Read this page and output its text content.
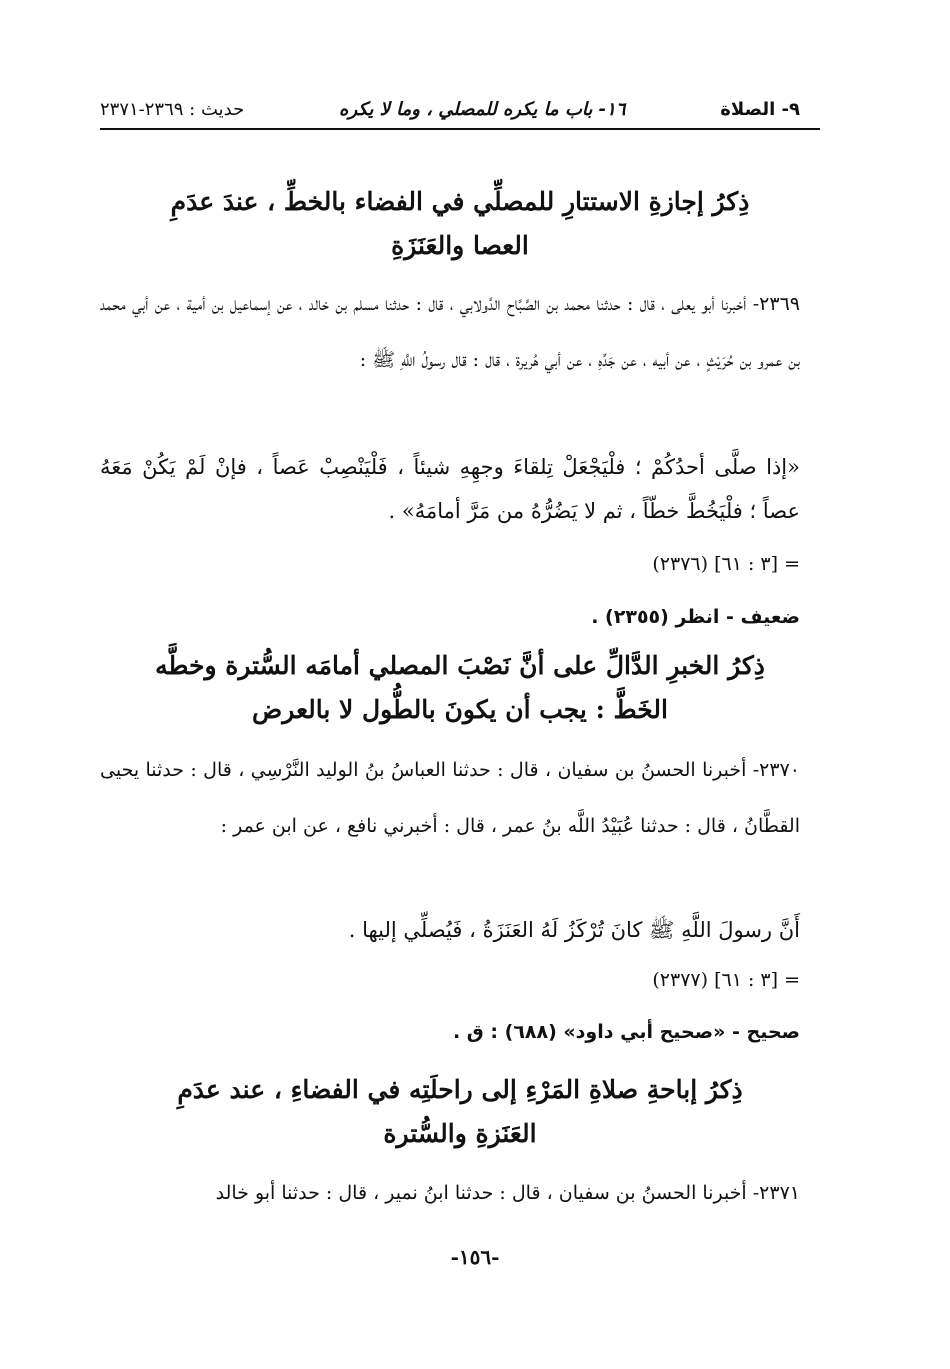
٩- الصلاة
١٦- باب ما يكره للمصلي ، وما لا يكره
حديث : ٢٣٦٩-٢٣٧١
ذِكرُ إجازةِ الاستتارِ للمصلِّي في الفضاء بالخطِّ ، عندَ عدَمِ
العصا والعَنَزَةِ
٢٣٦٩- أخبرنا أبو يعلى ، قال : حدثنا محمد بن الصَّبَّاح الدَّولابي ، قال : حدثنا مسلم بن خالد ، عن إسماعيل بن أمية ، عن أبي محمد بن عمرو بن حُرَيْثٍ ، عن أبيه ، عن جَدِّهِ ، عن أبي هُريرة ، قال : قال رسولُ اللَّهِ ﷺ :
«إذا صلَّى أحدُكُمْ ؛ فلْيَجْعَلْ تِلقاءَ وجهِهِ شيئاً ، فَلْيَنْصِبْ عَصاً ، فإنْ لَمْ يَكُنْ مَعَهُ عصاً ؛ فلْيَخُطَّ خطّاً ، ثم لا يَضُرُّهُ من مَرَّ أمامَهُ» .
= [٣ : ٦١] (٢٣٧٦)
ضعيف - انظر (٢٣٥٥) .
ذِكرُ الخبرِ الدَّالِّ على أنَّ نَصْبَ المصلي أمامَه السُّترة وخطَّه
الخَطَّ : يجب أن يكونَ بالطُّول لا بالعرض
٢٣٧٠- أخبرنا الحسنُ بن سفيان ، قال : حدثنا العباسُ بنُ الوليد النَّرْسِي ، قال : حدثنا يحيى القطَّانُ ، قال : حدثنا عُبَيْدُ اللَّه بنُ عمر ، قال : أخبرني نافع ، عن ابن عمر :
أَنَّ رسولَ اللَّهِ ﷺ كانَ تُرْكَزُ لَهُ العَنَزَةُ ، فَيُصلِّي إليها .
= [٣ : ٦١] (٢٣٧٧)
صحيح - «صحيح أبي داود» (٦٨٨) : ق .
ذِكرُ إباحةِ صلاةِ المَرْءِ إلى راحلَتِه في الفضاءِ ، عند عدَمِ
العَنَزةِ والسُّترة
٢٣٧١- أخبرنا الحسنُ بن سفيان ، قال : حدثنا ابنُ نمير ، قال : حدثنا أبو خالد
-١٥٦-
